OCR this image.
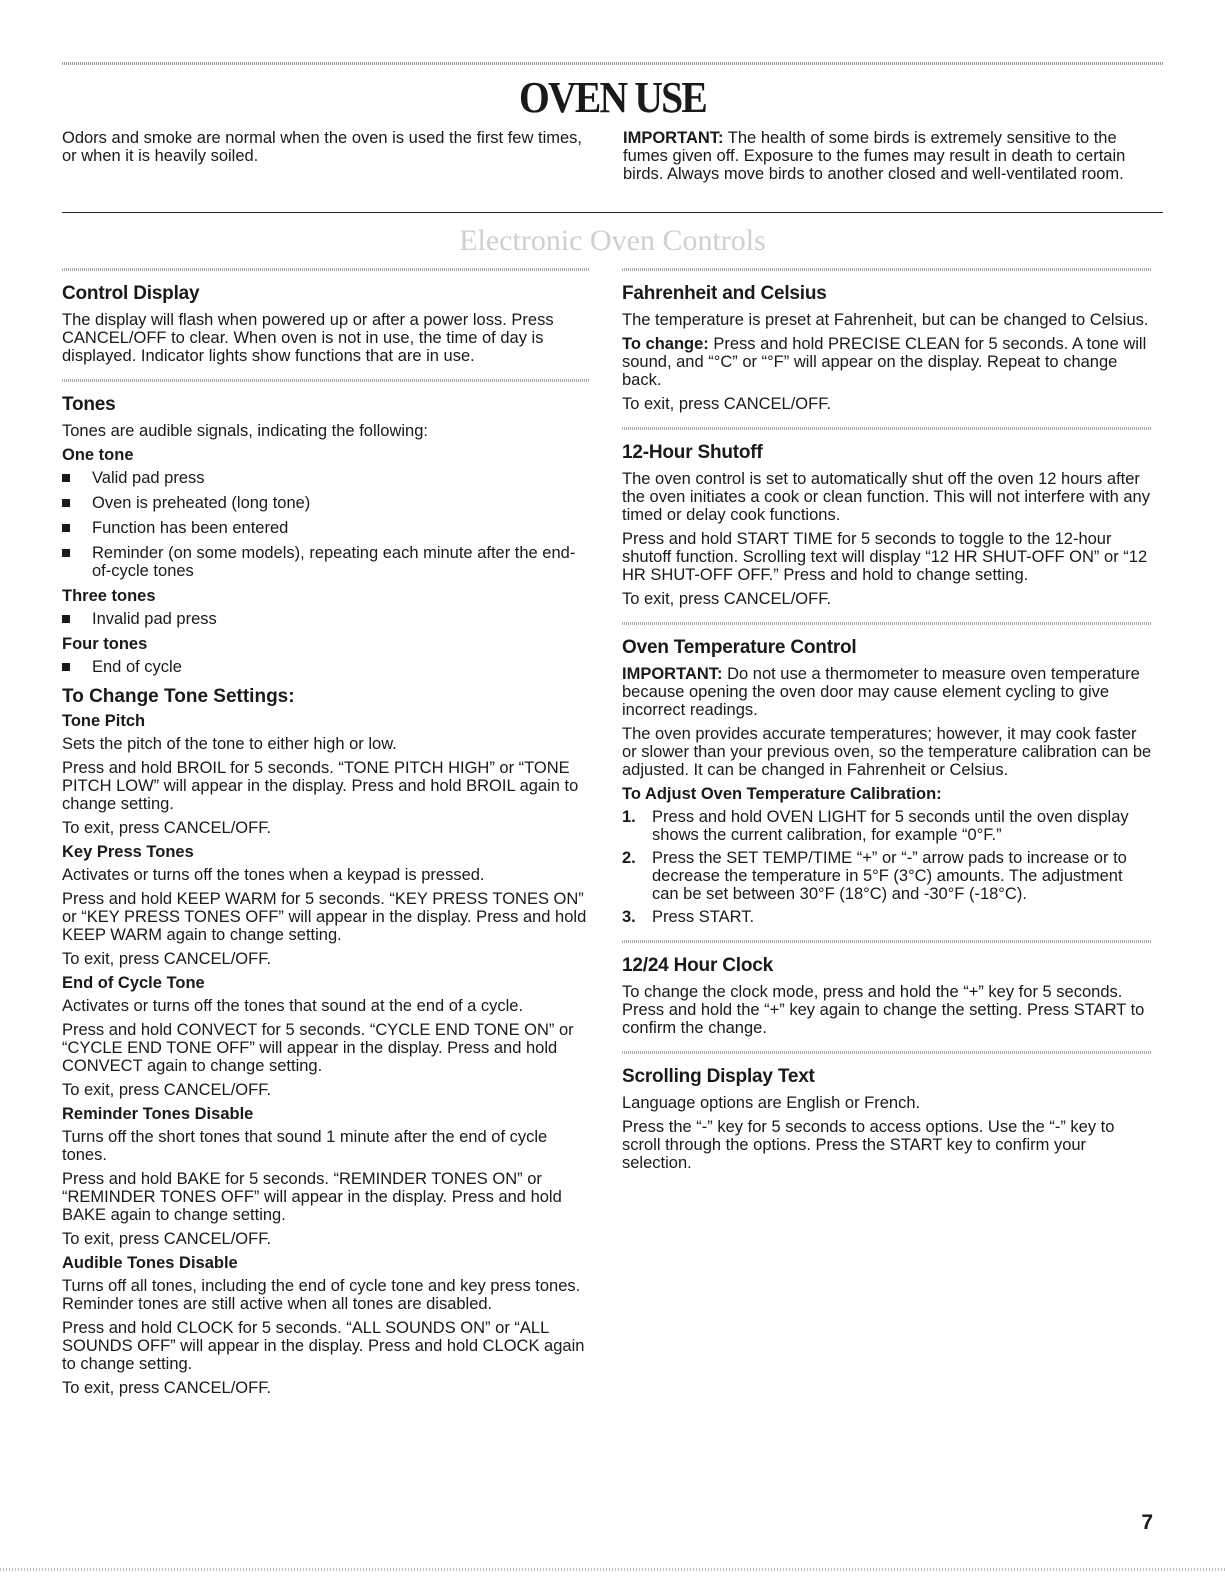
OVEN USE
Odors and smoke are normal when the oven is used the first few times, or when it is heavily soiled.
IMPORTANT: The health of some birds is extremely sensitive to the fumes given off. Exposure to the fumes may result in death to certain birds. Always move birds to another closed and well-ventilated room.
Electronic Oven Controls
Control Display

The display will flash when powered up or after a power loss. Press CANCEL/OFF to clear. When oven is not in use, the time of day is displayed. Indicator lights show functions that are in use.

Tones

Tones are audible signals, indicating the following:

One tone
Valid pad press
Oven is preheated (long tone)
Function has been entered
Reminder (on some models), repeating each minute after the end-of-cycle tones
Three tones
Invalid pad press
Four tones
End of cycle
To Change Tone Settings:
Tone Pitch

Sets the pitch of the tone to either high or low.

Press and hold BROIL for 5 seconds. “TONE PITCH HIGH” or “TONE PITCH LOW” will appear in the display. Press and hold BROIL again to change setting.

To exit, press CANCEL/OFF.

Key Press Tones

Activates or turns off the tones when a keypad is pressed.

Press and hold KEEP WARM for 5 seconds. “KEY PRESS TONES ON” or “KEY PRESS TONES OFF” will appear in the display. Press and hold KEEP WARM again to change setting.

To exit, press CANCEL/OFF.

End of Cycle Tone

Activates or turns off the tones that sound at the end of a cycle.

Press and hold CONVECT for 5 seconds. “CYCLE END TONE ON” or “CYCLE END TONE OFF” will appear in the display. Press and hold CONVECT again to change setting.

To exit, press CANCEL/OFF.

Reminder Tones Disable

Turns off the short tones that sound 1 minute after the end of cycle tones.

Press and hold BAKE for 5 seconds. “REMINDER TONES ON” or “REMINDER TONES OFF” will appear in the display. Press and hold BAKE again to change setting.

To exit, press CANCEL/OFF.

Audible Tones Disable

Turns off all tones, including the end of cycle tone and key press tones. Reminder tones are still active when all tones are disabled.

Press and hold CLOCK for 5 seconds. “ALL SOUNDS ON” or “ALL SOUNDS OFF” will appear in the display. Press and hold CLOCK again to change setting.

To exit, press CANCEL/OFF.

Fahrenheit and Celsius

The temperature is preset at Fahrenheit, but can be changed to Celsius.

To change: Press and hold PRECISE CLEAN for 5 seconds. A tone will sound, and “°C” or “°F” will appear on the display. Repeat to change back.

To exit, press CANCEL/OFF.

12-Hour Shutoff

The oven control is set to automatically shut off the oven 12 hours after the oven initiates a cook or clean function. This will not interfere with any timed or delay cook functions.

Press and hold START TIME for 5 seconds to toggle to the 12-hour shutoff function. Scrolling text will display “12 HR SHUT-OFF ON” or “12 HR SHUT-OFF OFF.” Press and hold to change setting.

To exit, press CANCEL/OFF.

Oven Temperature Control

IMPORTANT: Do not use a thermometer to measure oven temperature because opening the oven door may cause element cycling to give incorrect readings.

The oven provides accurate temperatures; however, it may cook faster or slower than your previous oven, so the temperature calibration can be adjusted. It can be changed in Fahrenheit or Celsius.

To Adjust Oven Temperature Calibration:
1. Press and hold OVEN LIGHT for 5 seconds until the oven display shows the current calibration, for example “0°F.”
2. Press the SET TEMP/TIME “+” or “-” arrow pads to increase or to decrease the temperature in 5°F (3°C) amounts. The adjustment can be set between 30°F (18°C) and -30°F (-18°C).
3. Press START.
12/24 Hour Clock

To change the clock mode, press and hold the “+” key for 5 seconds. Press and hold the “+” key again to change the setting. Press START to confirm the change.

Scrolling Display Text

Language options are English or French.

Press the “-” key for 5 seconds to access options. Use the “-” key to scroll through the options. Press the START key to confirm your selection.

7
